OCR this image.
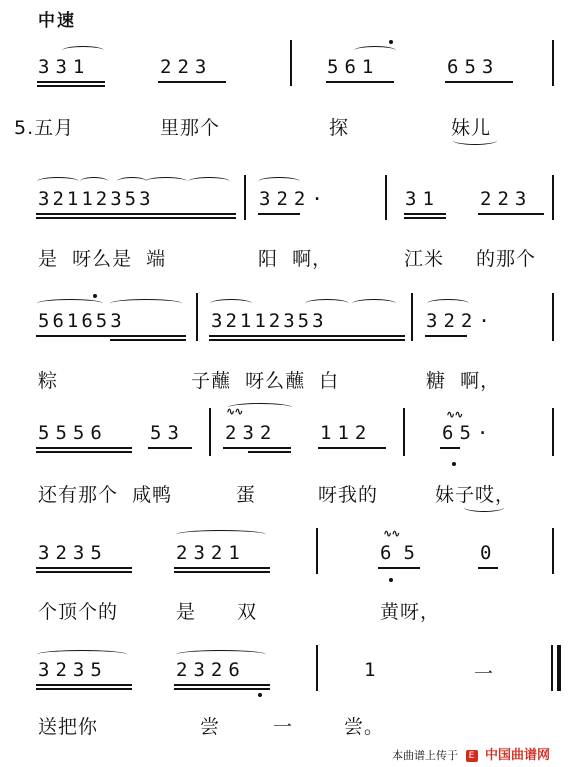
中速
331	223	561	653
5.五月	里那个	探	妹儿
32112353	322·	31 223
是  呀么是  端	阳  啊，	江米 的那个
561653	32112353	322·
粽    子
蘸  呀么蘸  白	糖  啊，
5556 53 232 112	65·
∿∿	∿∿
还有那个  咸鸭	蛋	呀我的	妹子哎，
3235	2321	65	0
∿∿
个顶个的	是  双	黄呀，
3235	2326	1	一
送把你	尝	一	尝。
本曲谱上传于 E 中国曲谱网
